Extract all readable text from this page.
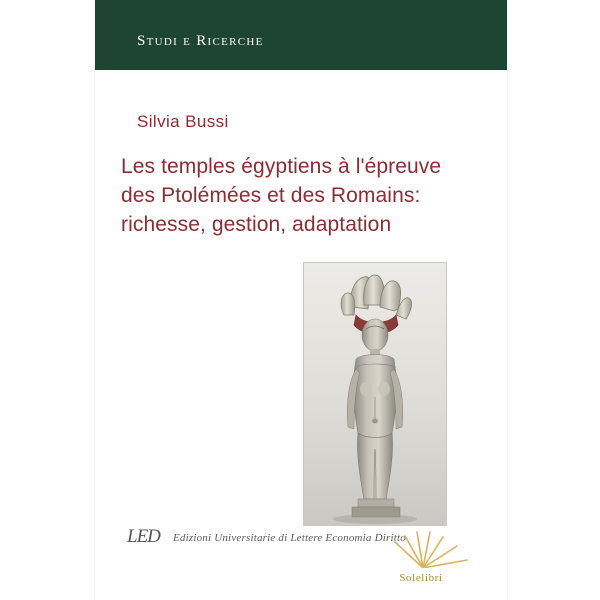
Studi e Ricerche
Silvia Bussi
Les temples égyptiens à l'épreuve
des Ptolémées et des Romains:
richesse, gestion, adaptation
LED Edizioni Universitarie di Lettere Economia Diritto
Solelibri
